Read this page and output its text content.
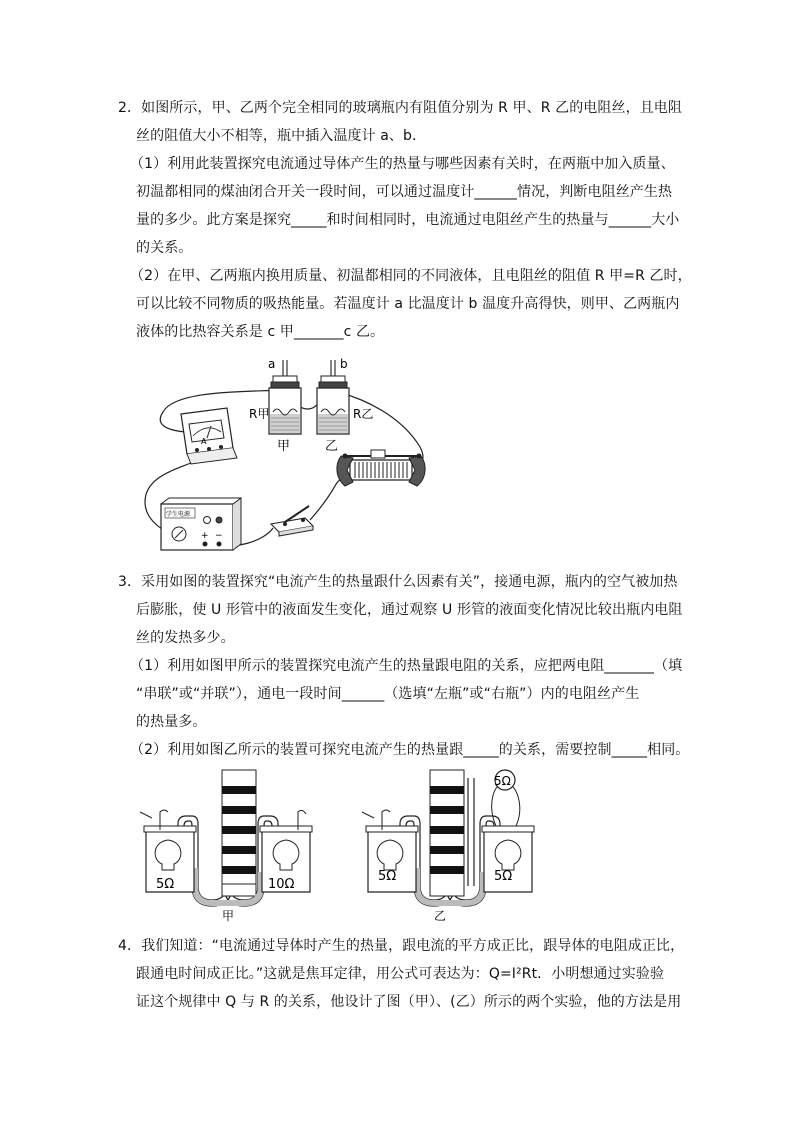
2．如图所示，甲、乙两个完全相同的玻璃瓶内有阻值分别为 R 甲、R 乙的电阻丝，且电阻
丝的阻值大小不相等，瓶中插入温度计 a、b．
（1）利用此装置探究电流通过导体产生的热量与哪些因素有关时，在两瓶中加入质量、
初温都相同的煤油闭合开关一段时间，可以通过温度计______情况，判断电阻丝产生热
量的多少。此方案是探究_____和时间相同时，电流通过电阻丝产生的热量与______大小
的关系。
（2）在甲、乙两瓶内换用质量、初温都相同的不同液体，且电阻丝的阻值 R 甲=R 乙时，
可以比较不同物质的吸热能量。若温度计 a 比温度计 b 温度升高得快，则甲、乙两瓶内
液体的比热容关系是 c 甲_______c 乙。
a	b
R甲
甲
R乙
乙
A
学生电源
+ −
3．采用如图的装置探究“电流产生的热量跟什么因素有关”，接通电源，瓶内的空气被加热
后膨胀，使 U 形管中的液面发生变化，通过观察 U 形管的液面变化情况比较出瓶内电阻
丝的发热多少。
（1）利用如图甲所示的装置探究电流产生的热量跟电阻的关系，应把两电阻_______（填
“串联”或“并联”），通电一段时间______（选填“左瓶”或“右瓶”）内的电阻丝产生
的热量多。
（2）利用如图乙所示的装置可探究电流产生的热量跟_____的关系，需要控制_____相同。
5Ω	10Ω
甲
5Ω
5Ω
5Ω
乙
4．我们知道：“电流通过导体时产生的热量，跟电流的平方成正比，跟导体的电阻成正比，
跟通电时间成正比。”这就是焦耳定律，用公式可表达为：Q=I²Rt．小明想通过实验验
证这个规律中 Q 与 R 的关系，他设计了图（甲）、(乙）所示的两个实验，他的方法是用
